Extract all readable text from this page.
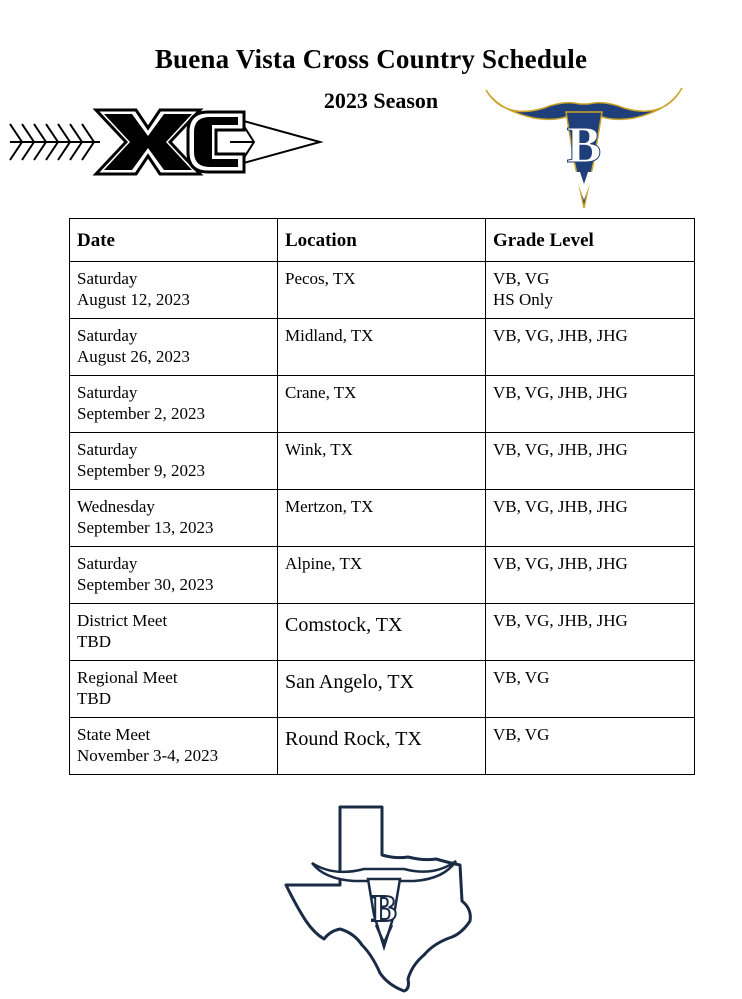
Buena Vista Cross Country Schedule
2023 Season
B
Date	Location	Grade Level

Saturday
August 12, 2023	Pecos, TX	VB, VG
HS Only

Saturday
August 26, 2023	Midland, TX	VB, VG, JHB, JHG

Saturday
September 2, 2023	Crane, TX	VB, VG, JHB, JHG

Saturday
September 9, 2023	Wink, TX	VB, VG, JHB, JHG

Wednesday
September 13, 2023	Mertzon, TX	VB, VG, JHB, JHG

Saturday
September 30, 2023	Alpine, TX	VB, VG, JHB, JHG

District Meet
TBD	Comstock, TX	VB, VG, JHB, JHG

Regional Meet
TBD	San Angelo, TX	VB, VG

State Meet
November 3-4, 2023	Round Rock, TX	VB, VG
B
